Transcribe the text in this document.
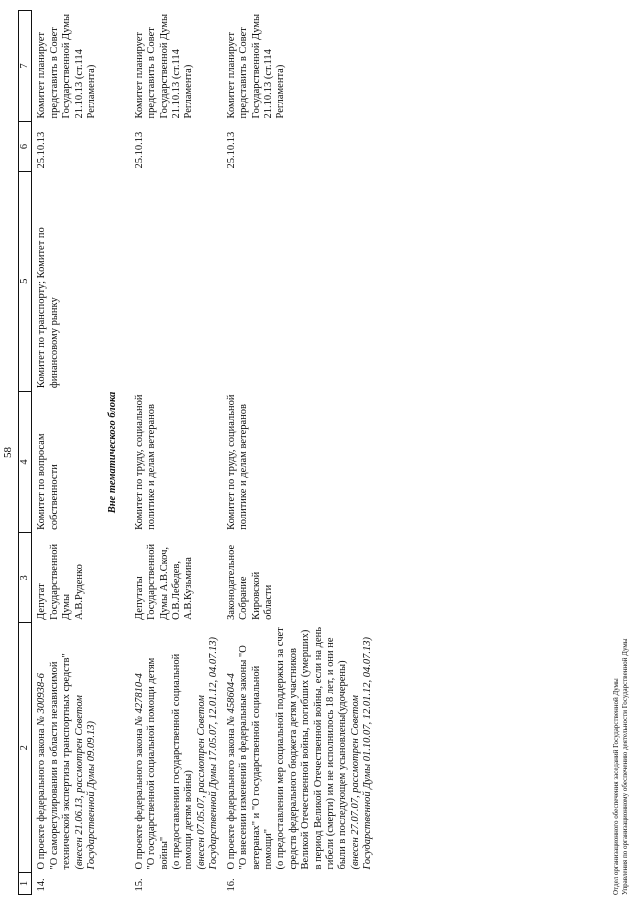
58
1	2	3	4	5	6	7
14.	О проекте федерального закона № 300938-6
"О саморегулировании в области независимой технической экспертизы транспортных средств"
(внесен 21.06.13, рассмотрен Советом Государственной Думы 09.09.13)	Депутат Государственной Думы А.В.Руденко	Комитет по вопросам собственности	Комитет по транспорту; Комитет по финансовому рынку	25.10.13	Комитет планирует представить в Совет Государственной Думы 21.10.13 (ст.114 Регламента)
Вне тематического блока						
15.	О проекте федерального закона № 427810-4
"О государственной социальной помощи детям войны"
(о предоставлении государственной социальной помощи детям войны)
(внесен 07.05.07, рассмотрен Советом Государственной Думы 17.05.07, 12.01.12, 04.07.13)	Депутаты Государственной Думы А.В.Скоч, О.В.Лебедев, А.В.Кузьмина	Комитет по труду, социальной политике и делам ветеранов		25.10.13	Комитет планирует представить в Совет Государственной Думы 21.10.13 (ст.114 Регламента)
16.	О проекте федерального закона № 458604-4
"О внесении изменений в федеральные законы "О ветеранах" и "О государственной социальной помощи"
(о предоставлении мер социальной поддержки за счет средств федерального бюджета детям участников Великой Отечественной войны, погибших (умерших) в период Великой Отечественной войны, если на день гибели (смерти) им не исполнилось 18 лет, и они не были в последующем усыновлены(удочерены)
(внесен 27.07.07, рассмотрен Советом Государственной Думы 01.10.07, 12.01.12, 04.07.13)	Законодательное Собрание Кировской области	Комитет по труду, социальной политике и делам ветеранов		25.10.13	Комитет планирует представить в Совет Государственной Думы 21.10.13 (ст.114 Регламента)
Отдел организационного обеспечения заседаний Государственной Думы Управления по организационному обеспечению деятельности Государственной Думы
